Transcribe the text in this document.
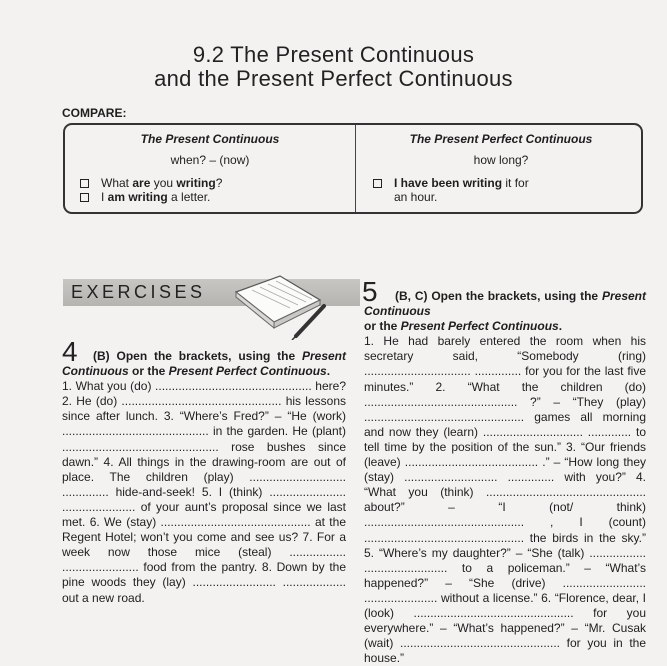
9.2 The Present Continuous
and the Present Perfect Continuous
COMPARE:
The Present Continuous
when? – (now)
What are you writing?
I am writing a letter.
The Present Perfect Continuous
how long?
I have been writing it for
an hour.
EXERCISES
4	(B) Open the brackets, using the Present Continuous or the Present Perfect Continuous.

1. What you (do) ............................................... here? 2. He (do) ................................................ his lessons since after lunch. 3. “Where’s Fred?” – “He (work) ............................................ in the garden. He (plant) ............................................... rose bushes since dawn.” 4. All things in the drawing-room are out of place. The children (play) ............................. .............. hide-and-seek! 5. I (think) ....................... ...................... of your aunt’s proposal since we last met. 6. We (stay) ............................................. at the Regent Hotel; won’t you come and see us? 7. For a week now those mice (steal) ................. ....................... food from the pantry. 8. Down by the pine woods they (lay) ......................... ................... out a new road.

5	(B, C) Open the brackets, using the Present Continuous
or the Present Perfect Continuous.

1. He had barely entered the room when his secretary said, “Somebody (ring) ................................ .............. for you for the last five minutes.” 2. “What the children (do) .............................................. ?” – “They (play) ................................................ games all morning and now they (learn) .............................. ............. to tell time by the position of the sun.” 3. “Our friends (leave) ........................................ .” – “How long they (stay) ............................ .............. with you?” 4. “What you (think) ................................................ about?” – “I (not/ think) ................................................ , I (count) ................................................ the birds in the sky.” 5. “Where’s my daughter?” – “She (talk) ................. ......................... to a policeman.” – “What’s happened?” – “She (drive) ......................... ...................... without a license.” 6. “Florence, dear, I (look) ................................................ for you everywhere.” – “What’s happened?” – “Mr. Cusak (wait) ................................................ for you in the house.”
